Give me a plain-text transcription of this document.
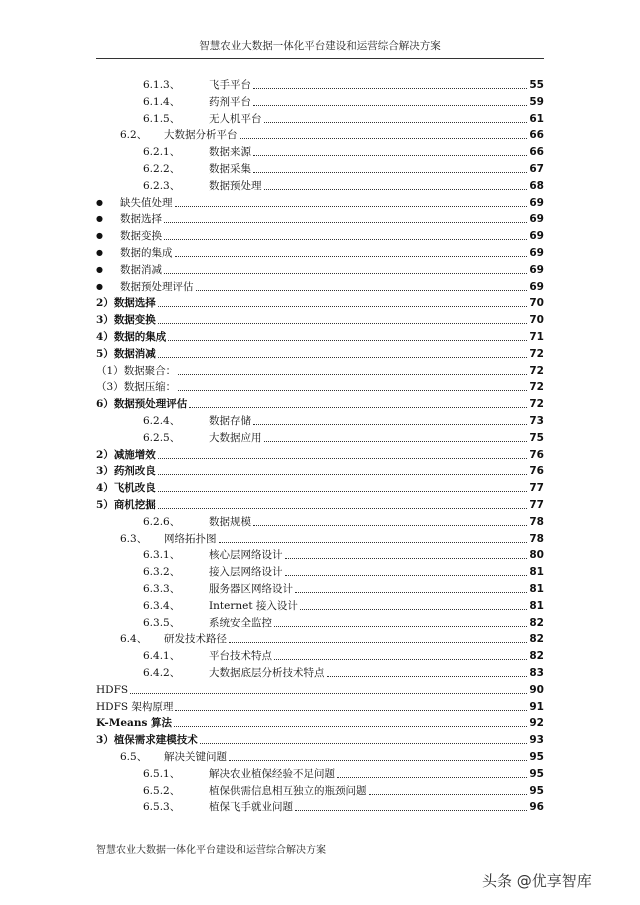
智慧农业大数据一体化平台建设和运营综合解决方案
6.1.3、	飞手平台	55
6.1.4、	药剂平台	59
6.1.5、	无人机平台	61
6.2、	大数据分析平台	66
6.2.1、	数据来源	66
6.2.2、	数据采集	67
6.2.3、	数据预处理	68
●	缺失值处理	69
●	数据选择	69
●	数据变换	69
●	数据的集成	69
●	数据消减	69
●	数据预处理评估	69
2） 数据选择	70
3） 数据变换	70
4） 数据的集成	71
5） 数据消减	72
（1） 数据聚合：	72
（3） 数据压缩：	72
6） 数据预处理评估	72
6.2.4、	数据存储	73
6.2.5、	大数据应用	75
2） 减施增效	76
3） 药剂改良	76
4） 飞机改良	77
5） 商机挖掘	77
6.2.6、	数据规模	78
6.3、	网络拓扑图	78
6.3.1、	核心层网络设计	80
6.3.2、	接入层网络设计	81
6.3.3、	服务器区网络设计	81
6.3.4、	Internet 接入设计	81
6.3.5、	系统安全监控	82
6.4、	研发技术路径	82
6.4.1、	平台技术特点	82
6.4.2、	大数据底层分析技术特点	83
HDFS	90
HDFS 架构原理	91
K-Means 算法	92
3） 植保需求建模技术	93
6.5、	解决关键问题	95
6.5.1、	解决农业植保经验不足问题	95
6.5.2、	植保供需信息相互独立的瓶颈问题	95
6.5.3、	植保飞手就业问题	96
智慧农业大数据一体化平台建设和运营综合解决方案
头条 @优享智库
